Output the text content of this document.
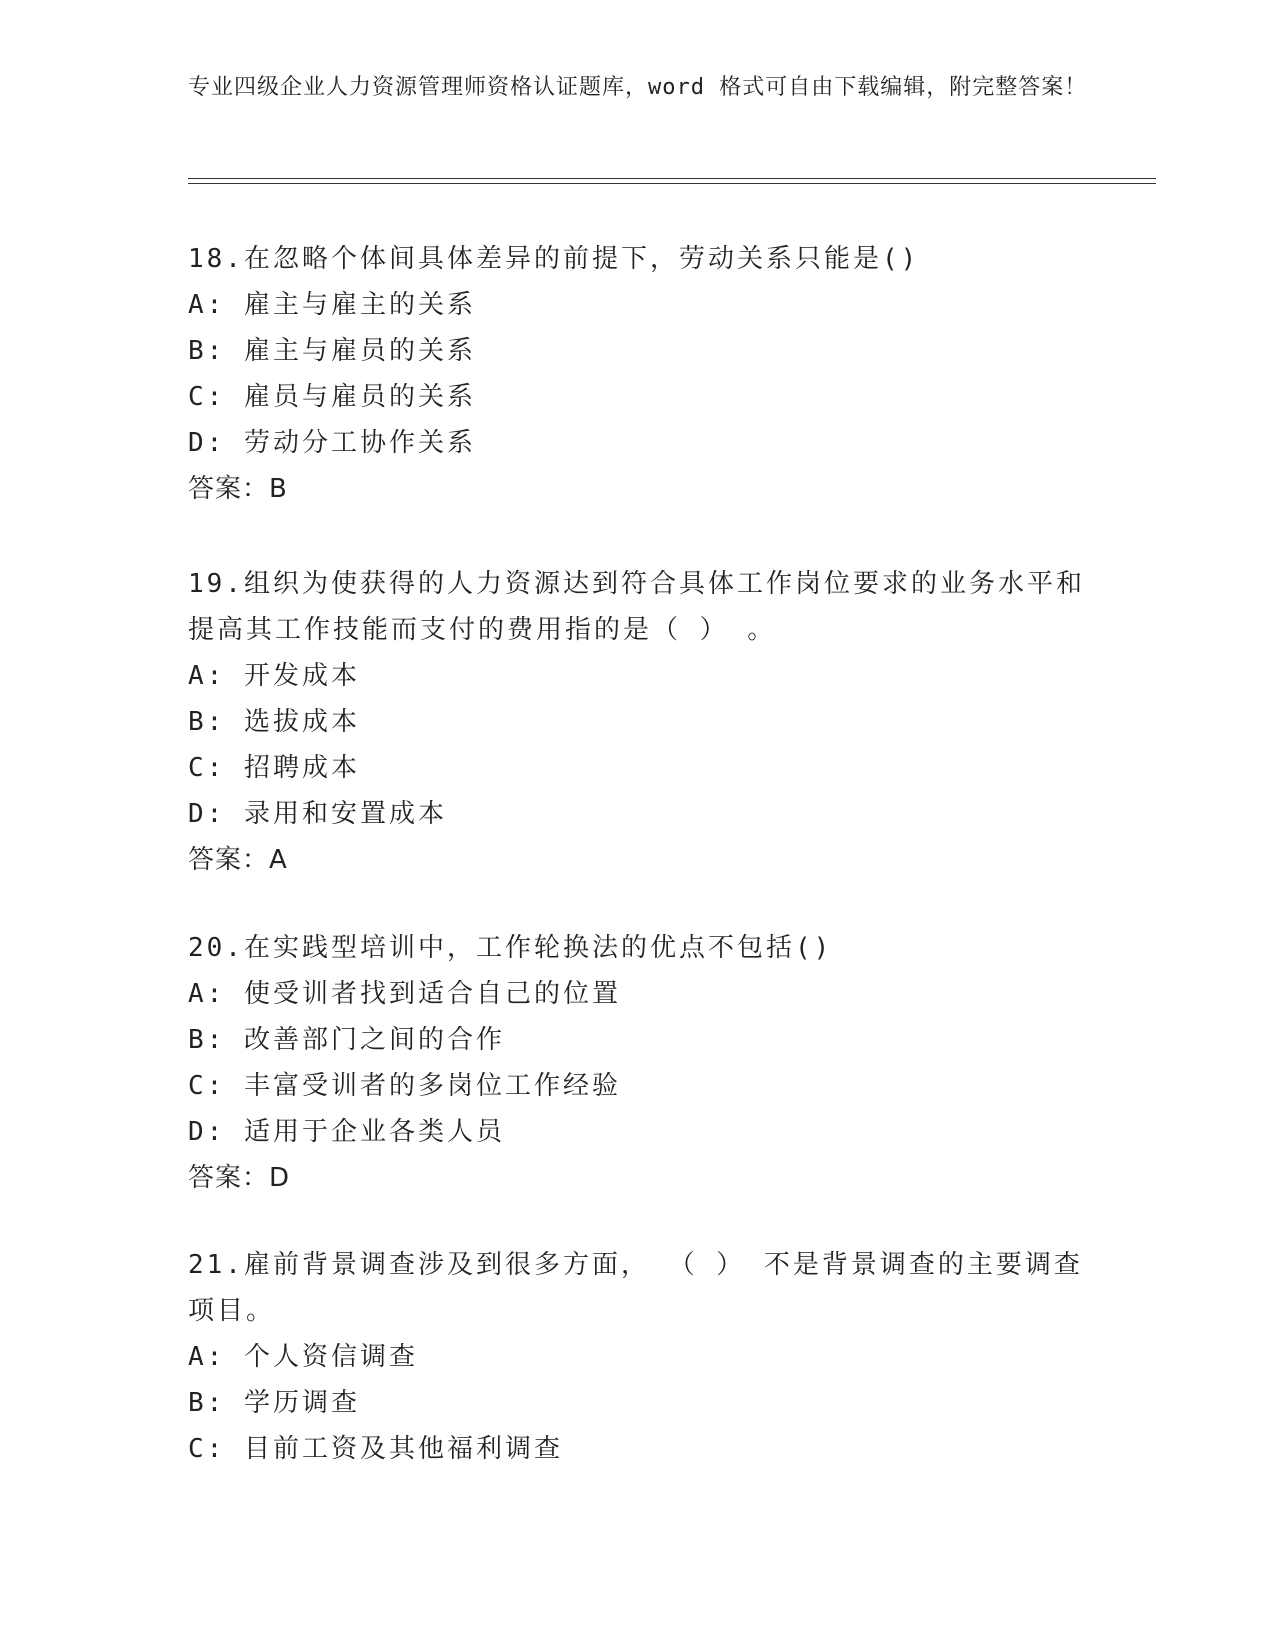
专业四级企业人力资源管理师资格认证题库，word 格式可自由下载编辑，附完整答案！

18.在忽略个体间具体差异的前提下，劳动关系只能是()

A: 雇主与雇主的关系

B: 雇主与雇员的关系

C: 雇员与雇员的关系

D: 劳动分工协作关系

答案：B

19.组织为使获得的人力资源达到符合具体工作岗位要求的业务水平和

提高其工作技能而支付的费用指的是（ ） 。

A: 开发成本

B: 选拔成本

C: 招聘成本

D: 录用和安置成本

答案：A

20.在实践型培训中，工作轮换法的优点不包括()

A: 使受训者找到适合自己的位置

B: 改善部门之间的合作

C: 丰富受训者的多岗位工作经验

D: 适用于企业各类人员

答案：D

21.雇前背景调查涉及到很多方面， （ ） 不是背景调查的主要调查

项目。

A: 个人资信调查

B: 学历调查

C: 目前工资及其他福利调查
